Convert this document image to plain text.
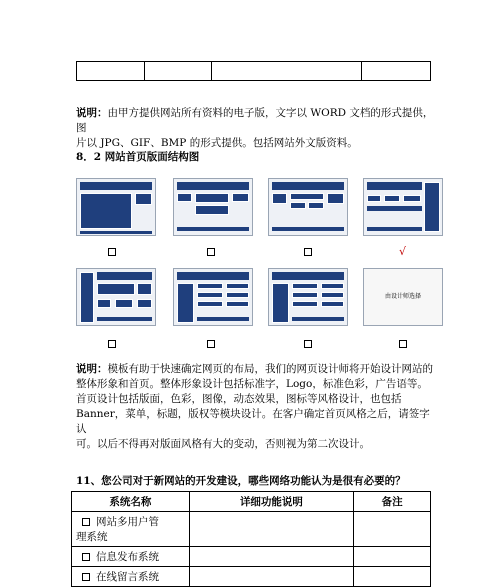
说明：由甲方提供网站所有资料的电子版，文字以 WORD 文档的形式提供，图
片以 JPG、GIF、BMP 的形式提供。包括网站外文版资料。
8．2 网站首页版面结构图
√
由设计师选择
说明：模板有助于快速确定网页的布局，我们的网页设计师将开始设计网站的
整体形象和首页。整体形象设计包括标准字，Logo，标准色彩，广告语等。
首页设计包括版面，色彩，图像，动态效果，图标等风格设计，也包括
Banner，菜单，标题，版权等模块设计。在客户确定首页风格之后，请签字认
可。以后不得再对版面风格有大的变动，否则视为第二次设计。
11、您公司对于新网站的开发建设，哪些网络功能认为是很有必要的？
系统名称	详细功能说明	备注
网站多用户管
理系统		
信息发布系统		
在线留言系统		
